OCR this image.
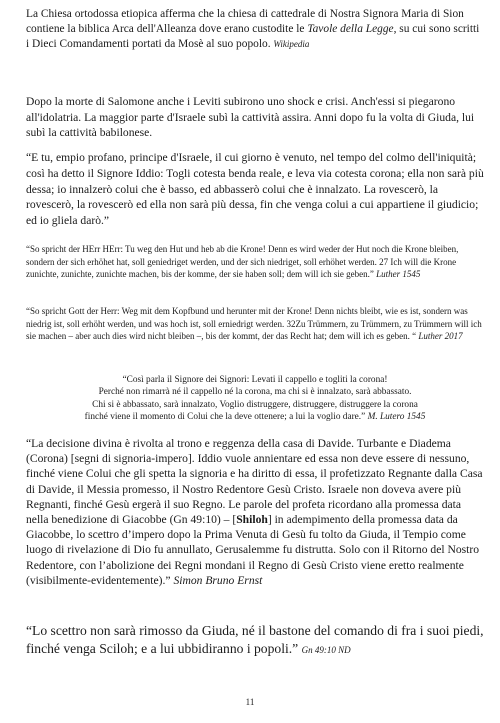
La Chiesa ortodossa etiopica afferma che la chiesa di cattedrale di Nostra Signora Maria di Sion contiene la biblica Arca dell'Alleanza dove erano custodite le Tavole della Legge, su cui sono scritti i Dieci Comandamenti portati da Mosè al suo popolo. Wikipedia

Dopo la morte di Salomone anche i Leviti subirono uno shock e crisi. Anch'essi si piegarono all'idolatria. La maggior parte d'Israele subì la cattività assira. Anni dopo fu la volta di Giuda, lui subì la cattività babilonese.

“E tu, empio profano, principe d'Israele, il cui giorno è venuto, nel tempo del colmo dell'iniquità; così ha detto il Signore Iddio: Togli cotesta benda reale, e leva via cotesta corona; ella non sarà più dessa; io innalzerò colui che è basso, ed abbasserò colui che è innalzato. La rovescerò, la rovescerò, la rovescerò ed ella non sarà più dessa, fin che venga colui a cui appartiene il giudicio; ed io gliela darò.”

“So spricht der HErr HErr: Tu weg den Hut und heb ab die Krone! Denn es wird weder der Hut noch die Krone bleiben, sondern der sich erhöhet hat, soll geniedriget werden, und der sich niedriget, soll erhöhet werden. 27 Ich will die Krone zunichte, zunichte, zunichte machen, bis der komme, der sie haben soll; dem will ich sie geben.” Luther 1545

“So spricht Gott der Herr: Weg mit dem Kopfbund und herunter mit der Krone! Denn nichts bleibt, wie es ist, sondern was niedrig ist, soll erhöht werden, und was hoch ist, soll erniedrigt werden. 32Zu Trümmern, zu Trümmern, zu Trümmern will ich sie machen – aber auch dies wird nicht bleiben –, bis der kommt, der das Recht hat; dem will ich es geben. “ Luther 2017

“Così parla il Signore dei Signori: Levati il cappello e togliti la corona!
Perché non rimarrà né il cappello né la corona, ma chi si è innalzato, sarà abbassato.
Chi si è abbassato, sarà innalzato, Voglio distruggere, distruggere, distruggere la corona
finché viene il momento di Colui che la deve ottenere; a lui la voglio dare.” M. Lutero 1545

“La decisione divina è rivolta al trono e reggenza della casa di Davide. Turbante e Diadema (Corona) [segni di signoria-impero]. Iddio vuole annientare ed essa non deve essere di nessuno, finché viene Colui che gli spetta la signoria e ha diritto di essa, il profetizzato Regnante dalla Casa di Davide, il Messia promesso, il Nostro Redentore Gesù Cristo. Israele non doveva avere più Regnanti, finché Gesù ergerà il suo Regno. Le parole del profeta ricordano alla promessa data nella benedizione di Giacobbe (Gn 49:10) – [Shiloh] in adempimento della promessa data da Giacobbe, lo scettro d’impero dopo la Prima Venuta di Gesù fu tolto da Giuda, il Tempio come luogo di rivelazione di Dio fu annullato, Gerusalemme fu distrutta. Solo con il Ritorno del Nostro Redentore, con l’abolizione dei Regni mondani il Regno di Gesù Cristo viene eretto realmente (visibilmente-evidentemente).” Simon Bruno Ernst

“Lo scettro non sarà rimosso da Giuda, né il bastone del comando di fra i suoi piedi, finché venga Sciloh; e a lui ubbidiranno i popoli.” Gn 49:10 ND

11
